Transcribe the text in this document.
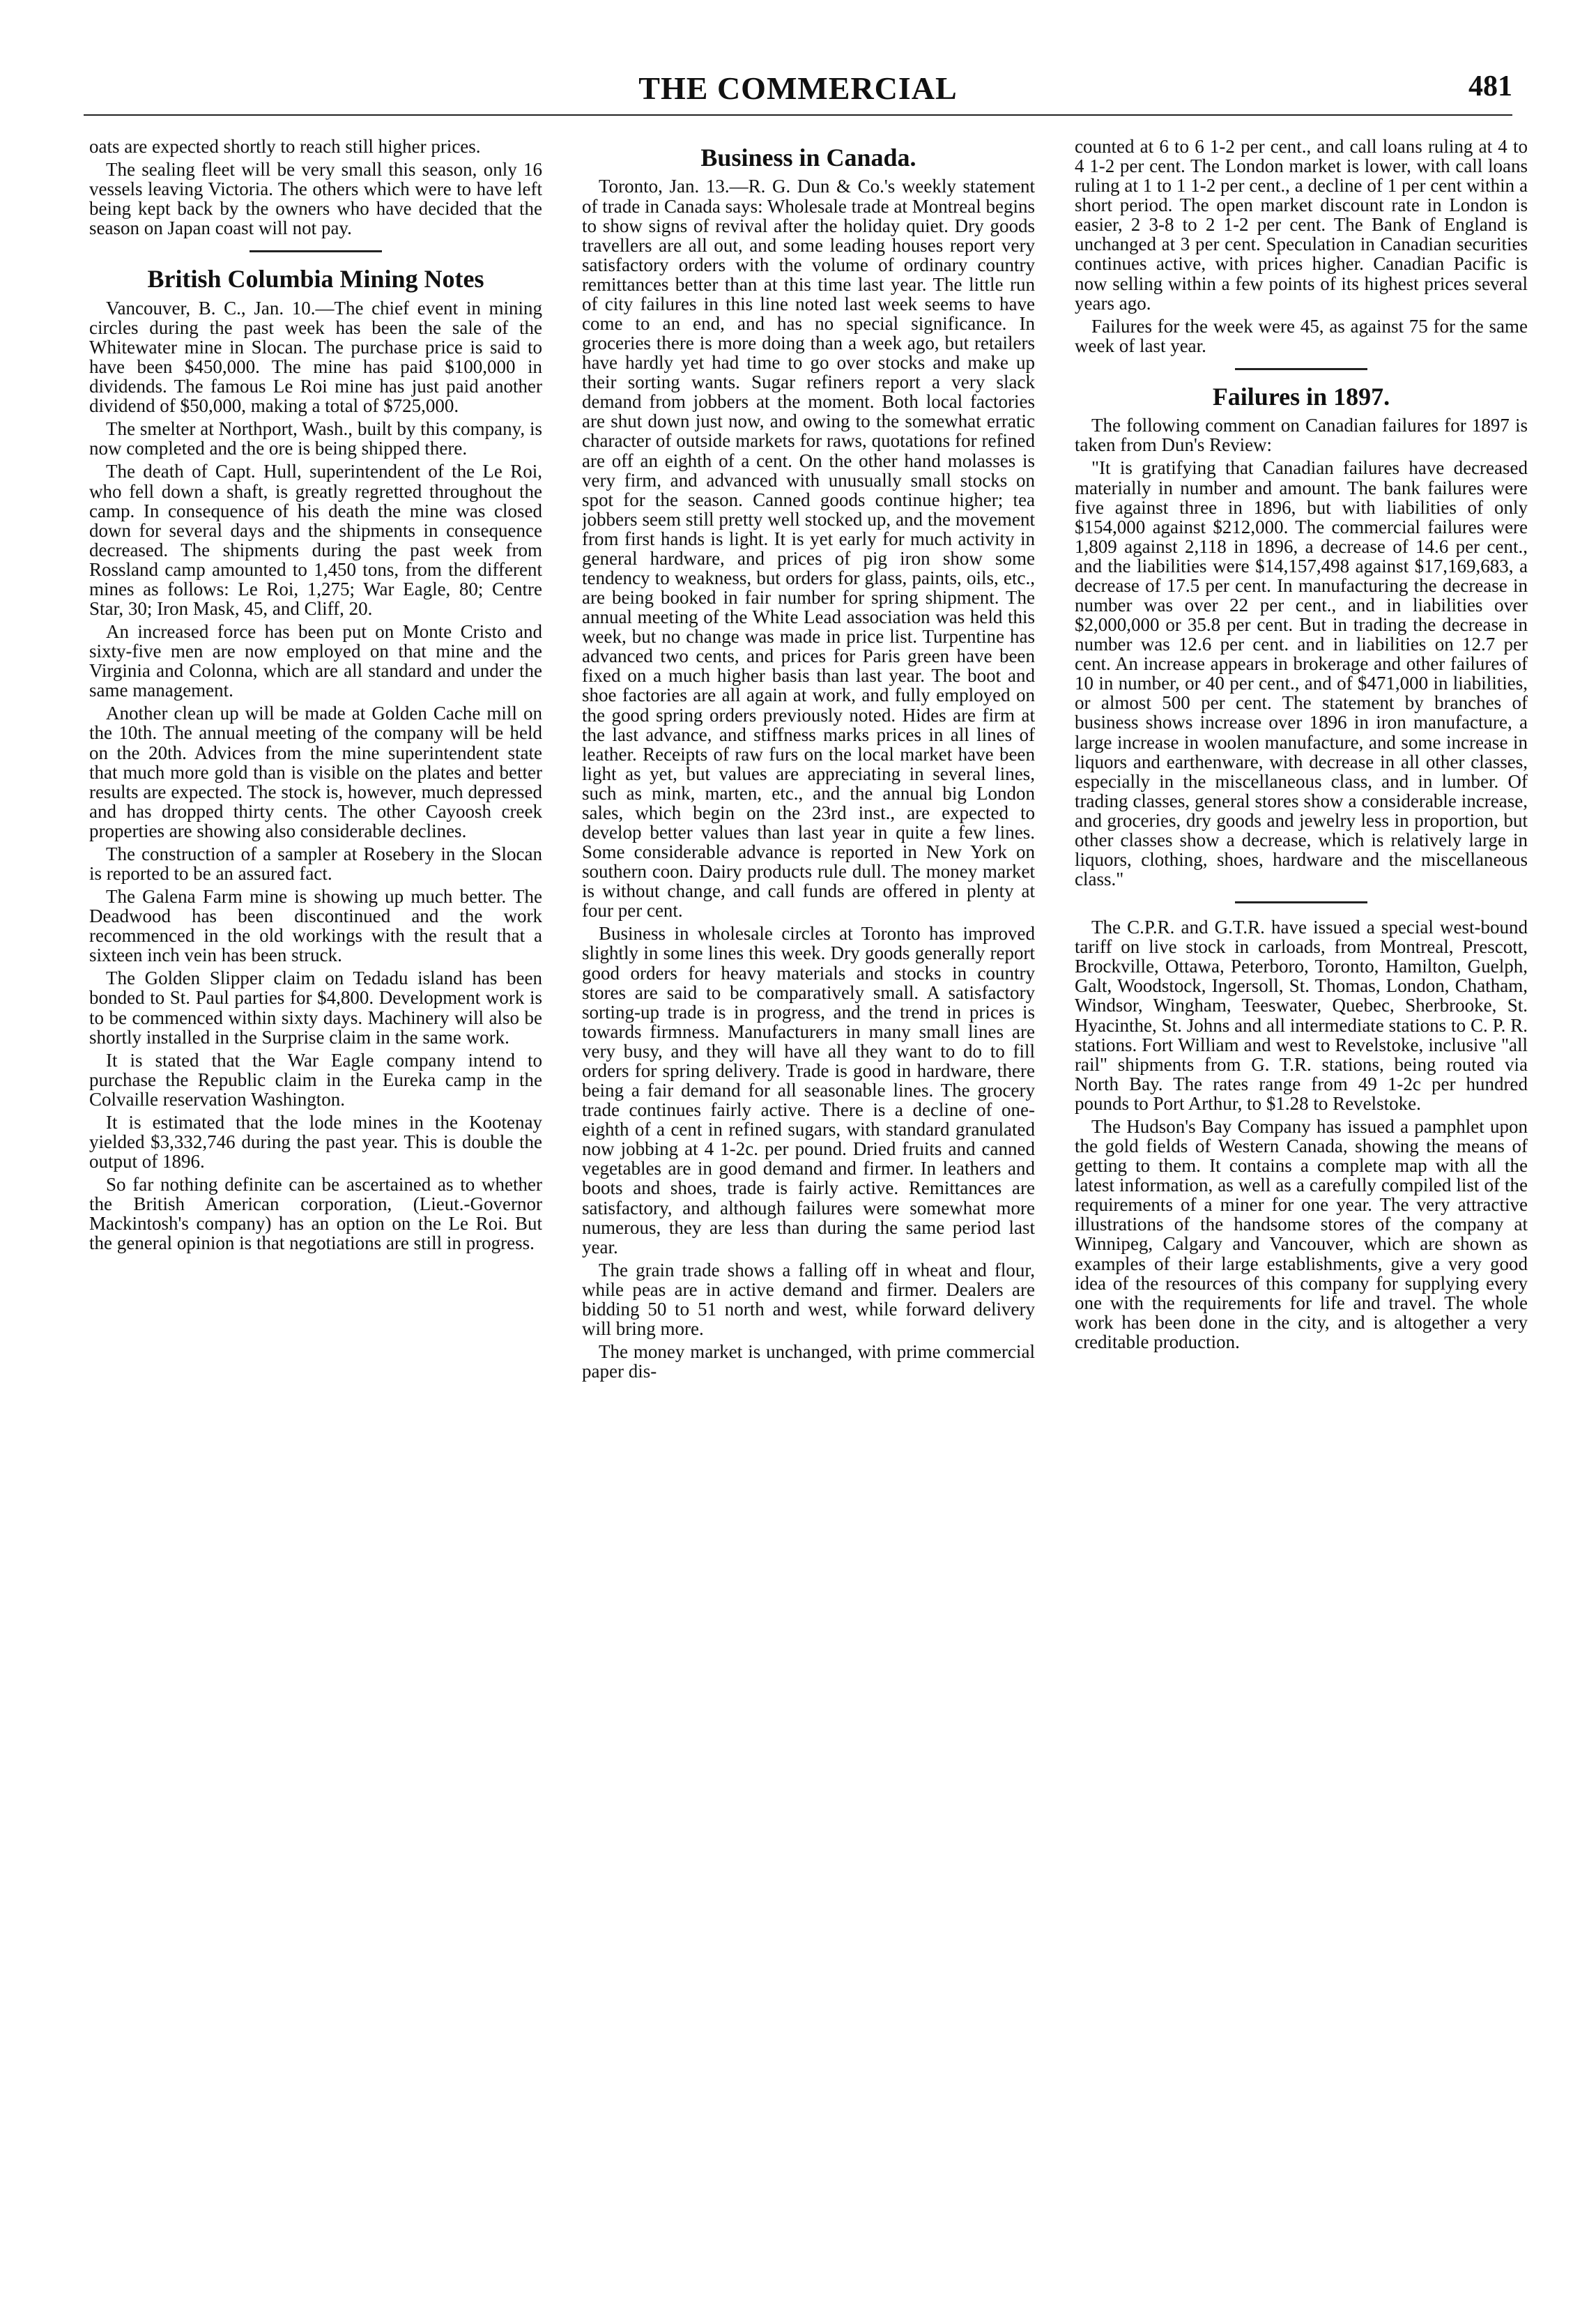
THE COMMERCIAL	481

oats are expected shortly to reach still higher prices.

The sealing fleet will be very small this season, only 16 vessels leaving Victoria. The others which were to have left being kept back by the owners who have decided that the season on Japan coast will not pay.

British Columbia Mining Notes

Vancouver, B. C., Jan. 10.—The chief event in mining circles during the past week has been the sale of the Whitewater mine in Slocan. The purchase price is said to have been $450,000. The mine has paid $100,000 in dividends. The famous Le Roi mine has just paid another dividend of $50,000, making a total of $725,000.

The smelter at Northport, Wash., built by this company, is now completed and the ore is being shipped there.

The death of Capt. Hull, superintendent of the Le Roi, who fell down a shaft, is greatly regretted throughout the camp. In consequence of his death the mine was closed down for several days and the shipments in consequence decreased. The shipments during the past week from Rossland camp amounted to 1,450 tons, from the different mines as follows: Le Roi, 1,275; War Eagle, 80; Centre Star, 30; Iron Mask, 45, and Cliff, 20.

An increased force has been put on Monte Cristo and sixty-five men are now employed on that mine and the Virginia and Colonna, which are all standard and under the same management.

Another clean up will be made at Golden Cache mill on the 10th. The annual meeting of the company will be held on the 20th. Advices from the mine superintendent state that much more gold than is visible on the plates and better results are expected. The stock is, however, much depressed and has dropped thirty cents. The other Cayoosh creek properties are showing also considerable declines.

The construction of a sampler at Rosebery in the Slocan is reported to be an assured fact.

The Galena Farm mine is showing up much better. The Deadwood has been discontinued and the work recommenced in the old workings with the result that a sixteen inch vein has been struck.

The Golden Slipper claim on Tedadu island has been bonded to St. Paul parties for $4,800. Development work is to be commenced within sixty days. Machinery will also be shortly installed in the Surprise claim in the same work.

It is stated that the War Eagle company intend to purchase the Republic claim in the Eureka camp in the Colvaille reservation Washington.

It is estimated that the lode mines in the Kootenay yielded $3,332,746 during the past year. This is double the output of 1896.

So far nothing definite can be ascertained as to whether the British American corporation, (Lieut.-Governor Mackintosh's company) has an option on the Le Roi. But the general opinion is that negotiations are still in progress.

Business in Canada.

Toronto, Jan. 13.—R. G. Dun & Co.'s weekly statement of trade in Canada says: Wholesale trade at Montreal begins to show signs of revival after the holiday quiet. Dry goods travellers are all out, and some leading houses report very satisfactory orders with the volume of ordinary country remittances better than at this time last year. The little run of city failures in this line noted last week seems to have come to an end, and has no special significance. In groceries there is more doing than a week ago, but retailers have hardly yet had time to go over stocks and make up their sorting wants. Sugar refiners report a very slack demand from jobbers at the moment. Both local factories are shut down just now, and owing to the somewhat erratic character of outside markets for raws, quotations for refined are off an eighth of a cent. On the other hand molasses is very firm, and advanced with unusually small stocks on spot for the season. Canned goods continue higher; tea jobbers seem still pretty well stocked up, and the movement from first hands is light. It is yet early for much activity in general hardware, and prices of pig iron show some tendency to weakness, but orders for glass, paints, oils, etc., are being booked in fair number for spring shipment. The annual meeting of the White Lead association was held this week, but no change was made in price list. Turpentine has advanced two cents, and prices for Paris green have been fixed on a much higher basis than last year. The boot and shoe factories are all again at work, and fully employed on the good spring orders previously noted. Hides are firm at the last advance, and stiffness marks prices in all lines of leather. Receipts of raw furs on the local market have been light as yet, but values are appreciating in several lines, such as mink, marten, etc., and the annual big London sales, which begin on the 23rd inst., are expected to develop better values than last year in quite a few lines. Some considerable advance is reported in New York on southern coon. Dairy products rule dull. The money market is without change, and call funds are offered in plenty at four per cent.

Business in wholesale circles at Toronto has improved slightly in some lines this week. Dry goods generally report good orders for heavy materials and stocks in country stores are said to be comparatively small. A satisfactory sorting-up trade is in progress, and the trend in prices is towards firmness. Manufacturers in many small lines are very busy, and they will have all they want to do to fill orders for spring delivery. Trade is good in hardware, there being a fair demand for all seasonable lines. The grocery trade continues fairly active. There is a decline of one-eighth of a cent in refined sugars, with standard granulated now jobbing at 4 1-2c. per pound. Dried fruits and canned vegetables are in good demand and firmer. In leathers and boots and shoes, trade is fairly active. Remittances are satisfactory, and although failures were somewhat more numerous, they are less than during the same period last year.

The grain trade shows a falling off in wheat and flour, while peas are in active demand and firmer. Dealers are bidding 50 to 51 north and west, while forward delivery will bring more.

The money market is unchanged, with prime commercial paper dis-

counted at 6 to 6 1-2 per cent., and call loans ruling at 4 to 4 1-2 per cent. The London market is lower, with call loans ruling at 1 to 1 1-2 per cent., a decline of 1 per cent within a short period. The open market discount rate in London is easier, 2 3-8 to 2 1-2 per cent. The Bank of England is unchanged at 3 per cent. Speculation in Canadian securities continues active, with prices higher. Canadian Pacific is now selling within a few points of its highest prices several years ago.

Failures for the week were 45, as against 75 for the same week of last year.

Failures in 1897.

The following comment on Canadian failures for 1897 is taken from Dun's Review:

"It is gratifying that Canadian failures have decreased materially in number and amount. The bank failures were five against three in 1896, but with liabilities of only $154,000 against $212,000. The commercial failures were 1,809 against 2,118 in 1896, a decrease of 14.6 per cent., and the liabilities were $14,157,498 against $17,169,683, a decrease of 17.5 per cent. In manufacturing the decrease in number was over 22 per cent., and in liabilities over $2,000,000 or 35.8 per cent. But in trading the decrease in number was 12.6 per cent. and in liabilities on 12.7 per cent. An increase appears in brokerage and other failures of 10 in number, or 40 per cent., and of $471,000 in liabilities, or almost 500 per cent. The statement by branches of business shows increase over 1896 in iron manufacture, a large increase in woolen manufacture, and some increase in liquors and earthenware, with decrease in all other classes, especially in the miscellaneous class, and in lumber. Of trading classes, general stores show a considerable increase, and groceries, dry goods and jewelry less in proportion, but other classes show a decrease, which is relatively large in liquors, clothing, shoes, hardware and the miscellaneous class."

The C.P.R. and G.T.R. have issued a special west-bound tariff on live stock in carloads, from Montreal, Prescott, Brockville, Ottawa, Peterboro, Toronto, Hamilton, Guelph, Galt, Woodstock, Ingersoll, St. Thomas, London, Chatham, Windsor, Wingham, Teeswater, Quebec, Sherbrooke, St. Hyacinthe, St. Johns and all intermediate stations to C. P. R. stations. Fort William and west to Revelstoke, inclusive "all rail" shipments from G. T.R. stations, being routed via North Bay. The rates range from 49 1-2c per hundred pounds to Port Arthur, to $1.28 to Revelstoke.

The Hudson's Bay Company has issued a pamphlet upon the gold fields of Western Canada, showing the means of getting to them. It contains a complete map with all the latest information, as well as a carefully compiled list of the requirements of a miner for one year. The very attractive illustrations of the handsome stores of the company at Winnipeg, Calgary and Vancouver, which are shown as examples of their large establishments, give a very good idea of the resources of this company for supplying every one with the requirements for life and travel. The whole work has been done in the city, and is altogether a very creditable production.
